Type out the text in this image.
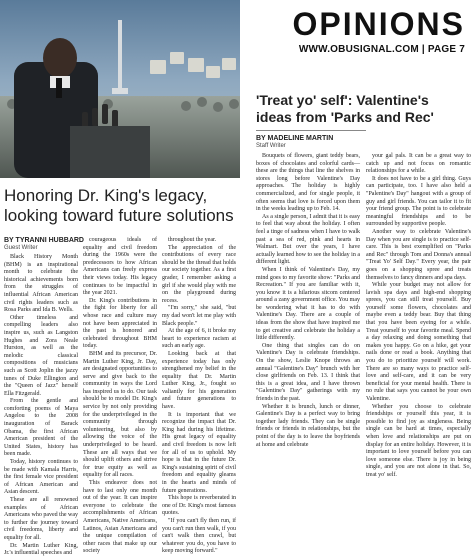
OPINIONS
WWW.OBUSIGNAL.COM | PAGE 7
Honoring Dr. King's legacy,
looking toward future solutions
BY TYRANNI HUBBARD
Guest Writer

Black History Month (BHM) is an inspirational month to celebrate the historical achievements born from the struggles of influential African American civil rights leaders such as Rosa Parks and Ida B. Wells.

Other timeless and compelling leaders also inspire us, such as Langston Hughes and Zora Neale Hurston, as well as the melodic classical compositions of musicians such as Scott Joplin the jazzy tunes of Duke Ellington and the "Queen of Jazz" herself Ella Fitzgerald.

From the gentle and comforting poems of Maya Angelou to the 2008 inauguration of Barack Obama, the first African American president of the United States, history has been made.

Today, history continues to be made with Kamala Harris, the first female vice president of African American and Asian descent.

These are all renowned examples of African Americans who paved the way to further the journey toward civil freedoms, liberty and equality for all.

Dr. Martin Luther King, Jr.'s influential speeches and

courageous ideals of equality and civil freedom during the 1960s were the predecessors to how African Americans can freely express their views today. His legacy continues to be impactful in the year 2021.

Dr. King's contributions in the fight for liberty for all whose race and culture may not have been appreciated in the past is honored and celebrated throughout BHM today.

BHM and its precursor, Dr. Martin Luther King, Jr. Day, are designated opportunities to serve and give back to the community in ways the Lord has inspired us to do. Our task should be to model Dr. King's service by not only providing for the underprivileged in the community through volunteering, but also by allowing the voice of the underprivileged to be heard. These are all ways that we should uplift others and strive for true equity as well as equality for all races.

This endeavor does not have to last only one month out of the year. It can inspire everyone to celebrate the accomplishments of African Americans, Native Americans, Latinos, Asian Americans and the unique compilation of other races that make up our society

throughout the year.

The appreciation of the contributions of every race should be the thread that holds our society together. As a first grader, I remember asking a girl if she would play with me on the playground during recess.

"I'm sorry," she said, "but my dad won't let me play with Black people."

At the age of 6, it broke my heart to experience racism at such an early age.

Looking back at that experience today has only strengthened my belief in the equality that Dr. Martin Luther King, Jr., fought so valiantly for his generation and future generations to have.

It is important that we recognize the impact that Dr. King had during his lifetime. His great legacy of equality and civil freedom is now left for all of us to uphold. My hope is that in the future Dr. King's sustaining spirit of civil freedom and equality gleams in the hearts and minds of future generations.

This hope is reverberated in one of Dr. King's most famous quotes.

"If you can't fly then run, if you can't run then walk, if you can't walk then crawl, but whatever you do, you have to keep moving forward."

'Treat yo' self': Valentine's
ideas from 'Parks and Rec'
BY MADELINE MARTIN
Staff Writer

Bouquets of flowers, giant teddy bears, boxes of chocolates and colorful cards— these are the things that line the shelves in stores long before Valentine's Day approaches. The holiday is highly commercialized, and for single people, it often seems that love is forced upon them in the weeks leading up to Feb. 14.

As a single person, I admit that it is easy to feel that way about the holiday. I often feel a tinge of sadness when I have to walk past a sea of red, pink and hearts in Walmart. But over the years, I have actually learned how to see the holiday in a different light.

When I think of Valentine's Day, my mind goes to my favorite show: "Parks and Recreation." If you are familiar with it, you know it is a hilarious sitcom centered around a zany government office. You may be wondering what it has to do with Valentine's Day. There are a couple of ideas from the show that have inspired me to get creative and celebrate the holiday a little differently.

One thing that singles can do on Valentine's Day is celebrate friendships. On the show, Leslie Knope throws an annual "Galentine's Day" brunch with her close girlfriends on Feb. 13. I think that this is a great idea, and I have thrown "Galentine's Day" gatherings with my friends in the past.

Whether it is brunch, lunch or dinner, Galentine's Day is a perfect way to bring together lady friends. They can be single friends or friends in relationships, but the point of the day is to leave the boyfriends at home and celebrate

your gal pals. It can be a great way to catch up and not focus on romantic relationships for a while.

It does not have to be a girl thing. Guys can participate, too. I have also held a "Palentine's Day" hangout with a group of guy and girl friends. You can tailor it to fit your friend group. The point is to celebrate meaningful friendships and to be surrounded by supportive people.

Another way to celebrate Valentine's Day when you are single is to practice self-care. This is best exemplified on "Parks and Rec" through Tom and Donna's annual "Treat Yo' Self Day." Every year, the pair goes on a shopping spree and treats themselves to fancy dinners and spa days.

While your budget may not allow for lavish spa days and high-end shopping sprees, you can still treat yourself. Buy yourself some flowers, chocolates and maybe even a teddy bear. Buy that thing that you have been eyeing for a while. Treat yourself to your favorite meal. Spend a day relaxing and doing something that makes you happy. Go on a hike, get your nails done or read a book. Anything that you do to prioritize yourself will work. There are so many ways to practice self-love and self-care, and it can be very beneficial for your mental health. There is no rule that says you cannot be your own Valentine.

Whether you choose to celebrate friendships or yourself this year, it is possible to find joy as singleness. Being single can be hard at times, especially when love and relationships are put on display for an entire holiday. However, it is important to love yourself before you can love someone else. There is joy in being single, and you are not alone in that. So, treat yo' self.
